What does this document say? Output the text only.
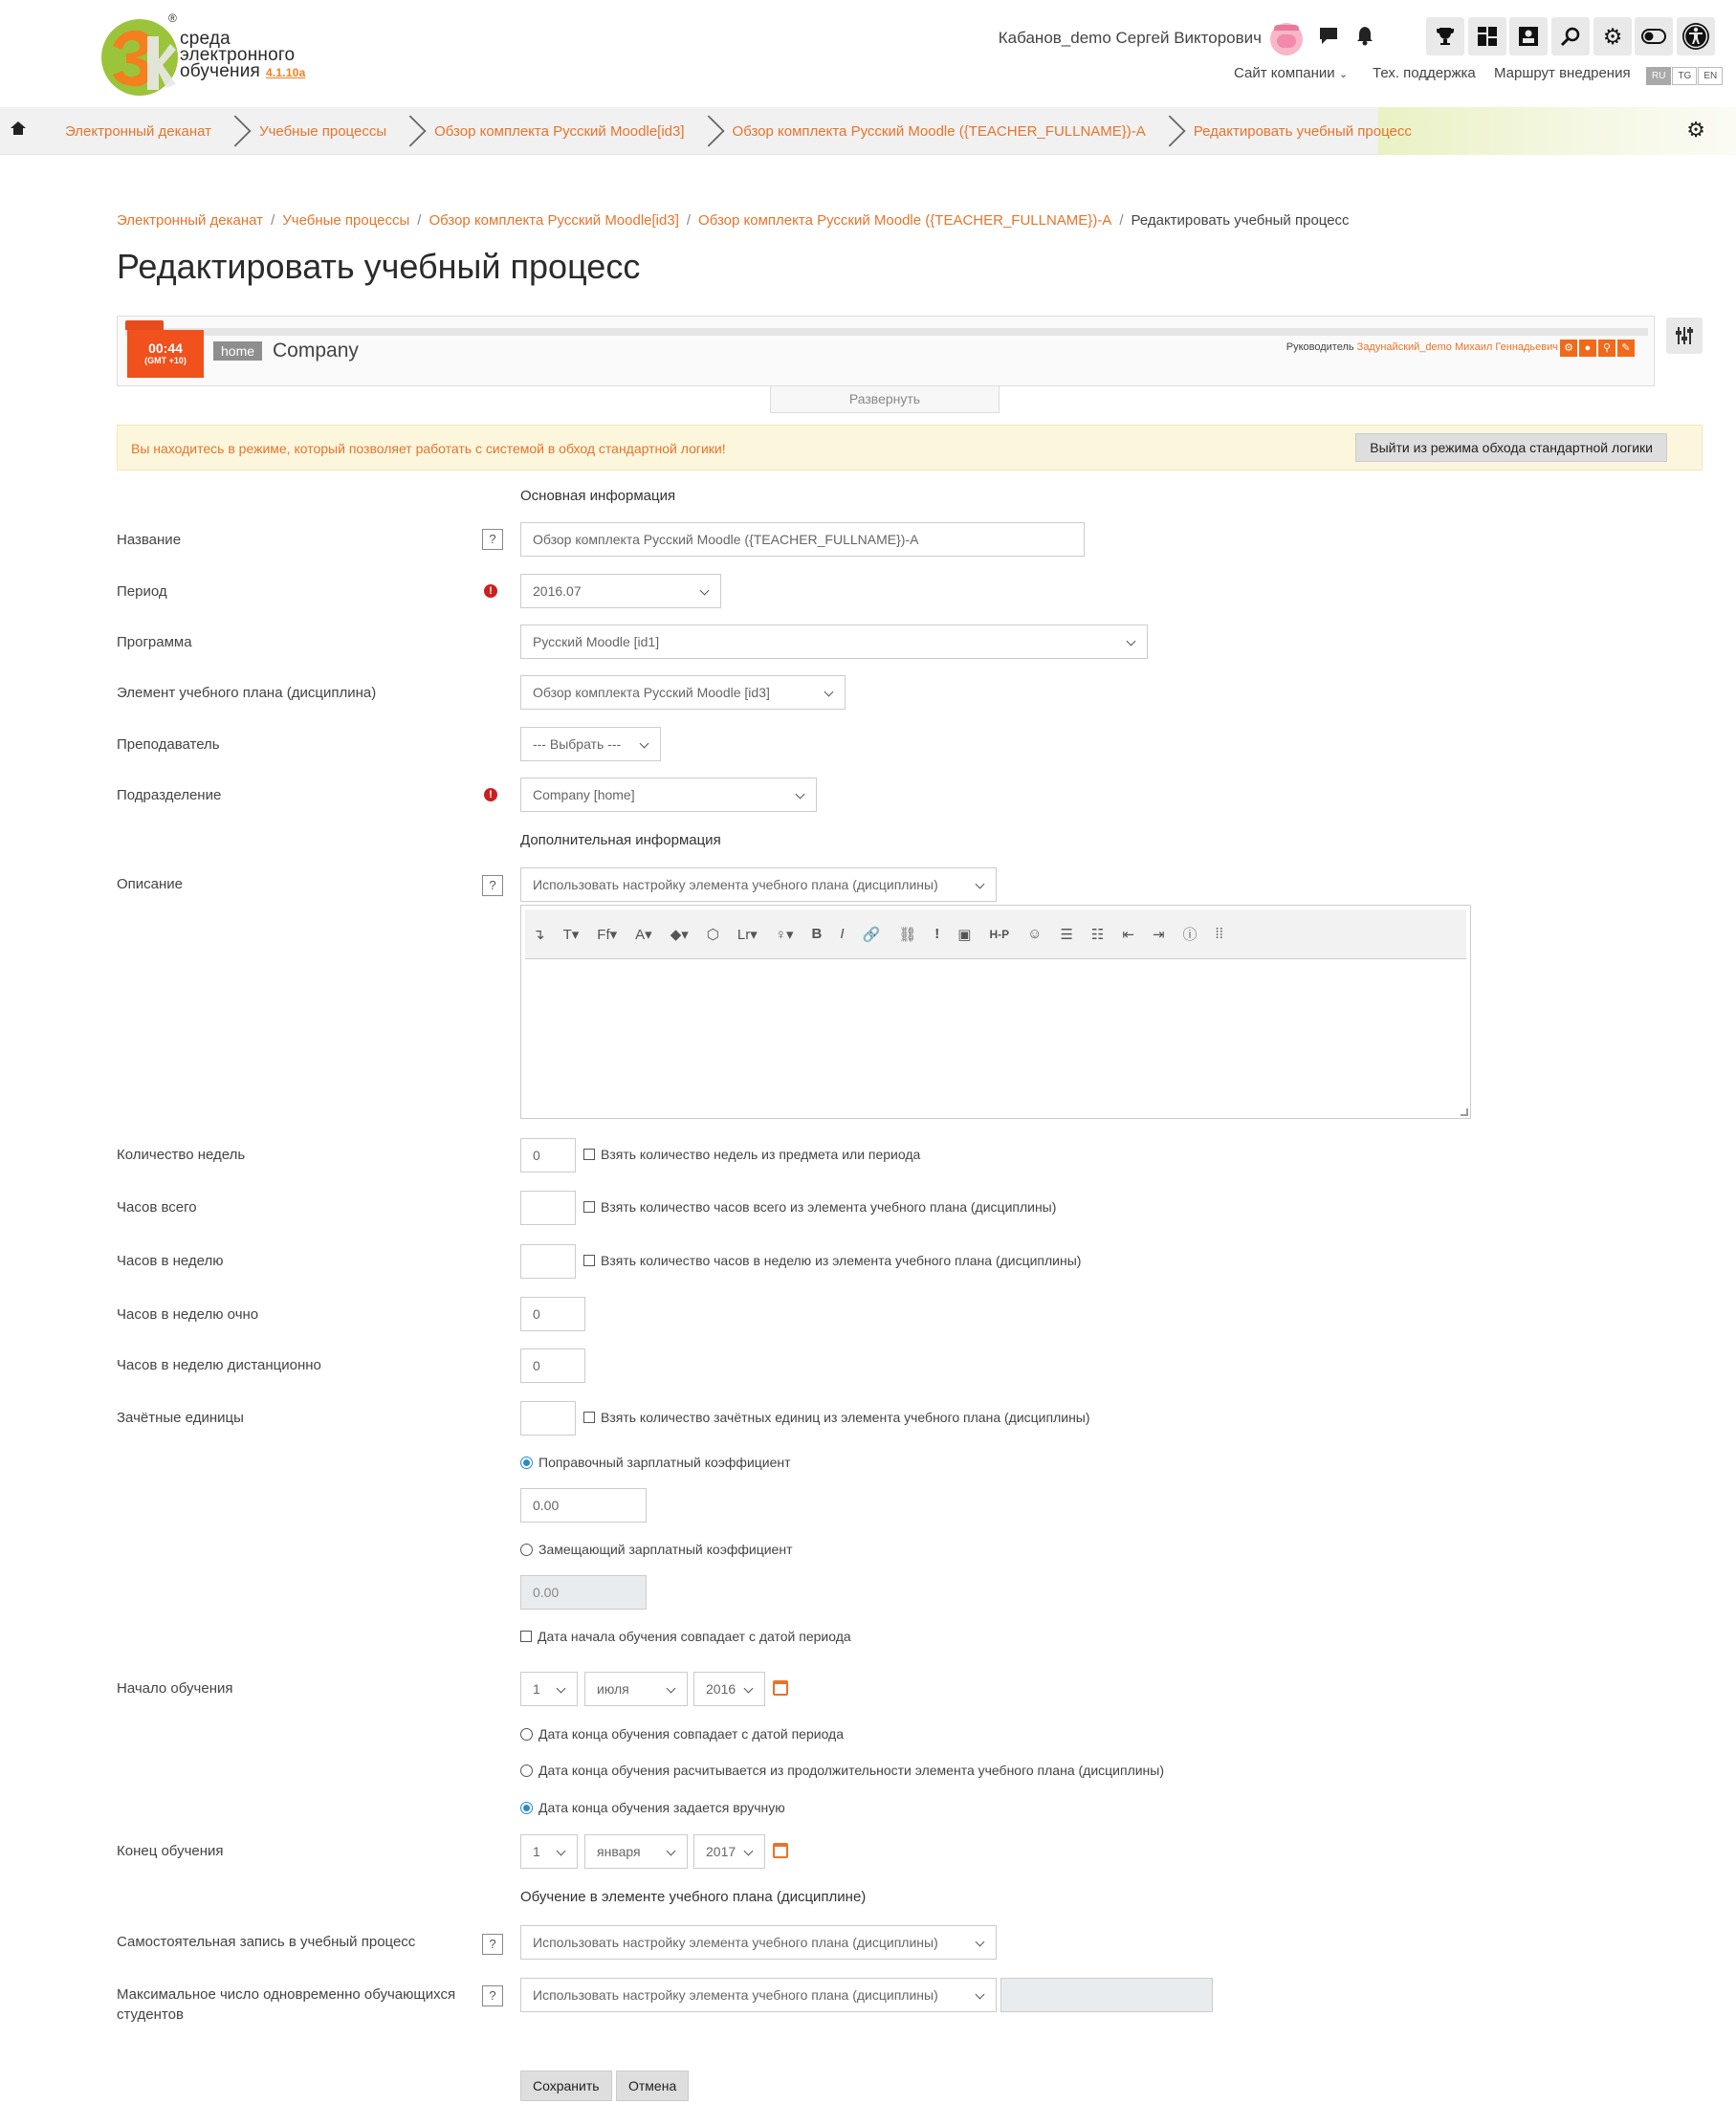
®
среда
электронного
обучения 4.1.10a
Кабанов_demo Сергей Викторович	⚙
Сайт компании ⌄ Тех. поддержка Маршрут внедрения	RU	TG	EN
Электронный деканат	Учебные процессы	Обзор комплекта Русский Moodle[id3]	Обзор комплекта Русский Moodle ({TEACHER_FULLNAME})-А	Редактировать учебный процесс	⚙
Электронный деканат / Учебные процессы / Обзор комплекта Русский Moodle[id3] / Обзор комплекта Русский Moodle ({TEACHER_FULLNAME})-А / Редактировать учебный процесс
Редактировать учебный процесс
00:44
(GMT +10)
home Company	Руководитель Задунайский_demo Михаил Геннадьевич ⚙	●	⚲	✎
Развернуть
Вы находитесь в режиме, который позволяет работать с системой в обход стандартной логики!	Выйти из режима обхода стандартной логики
Основная информация
Название	?	Обзор комплекта Русский Moodle ({TEACHER_FULLNAME})-А
Период	!	2016.07
Программа	Русский Moodle [id1]
Элемент учебного плана (дисциплина)	Обзор комплекта Русский Moodle [id3]
Преподаватель	--- Выбрать ---
Подразделение	!	Company [home]
Дополнительная информация
Описание	?	Использовать настройку элемента учебного плана (дисциплины)
↴ T▾ Ff▾ A▾ ◆▾ ⬡ Lr▾ ♀▾ B I 🔗 ⛓ ! ▣ H-P ☺ ☰ ☷ ⇤ ⇥ ⓘ ⁞⁞
Количество недель	0	Взять количество недель из предмета или периода
Часов всего	Взять количество часов всего из элемента учебного плана (дисциплины)
Часов в неделю	Взять количество часов в неделю из элемента учебного плана (дисциплины)
Часов в неделю очно	0
Часов в неделю дистанционно	0
Зачётные единицы	Взять количество зачётных единиц из элемента учебного плана (дисциплины)
Поправочный зарплатный коэффициент
0.00
Замещающий зарплатный коэффициент
0.00
Дата начала обучения совпадает с датой периода
Начало обучения	1	июля	2016
Дата конца обучения совпадает с датой периода
Дата конца обучения расчитывается из продолжительности элемента учебного плана (дисциплины)
Дата конца обучения задается вручную
Конец обучения	1	января	2017
Обучение в элементе учебного плана (дисциплине)
Самостоятельная запись в учебный процесс	?	Использовать настройку элемента учебного плана (дисциплины)
Максимальное число одновременно обучающихся
студентов
?	Использовать настройку элемента учебного плана (дисциплины)
Сохранить	Отмена
